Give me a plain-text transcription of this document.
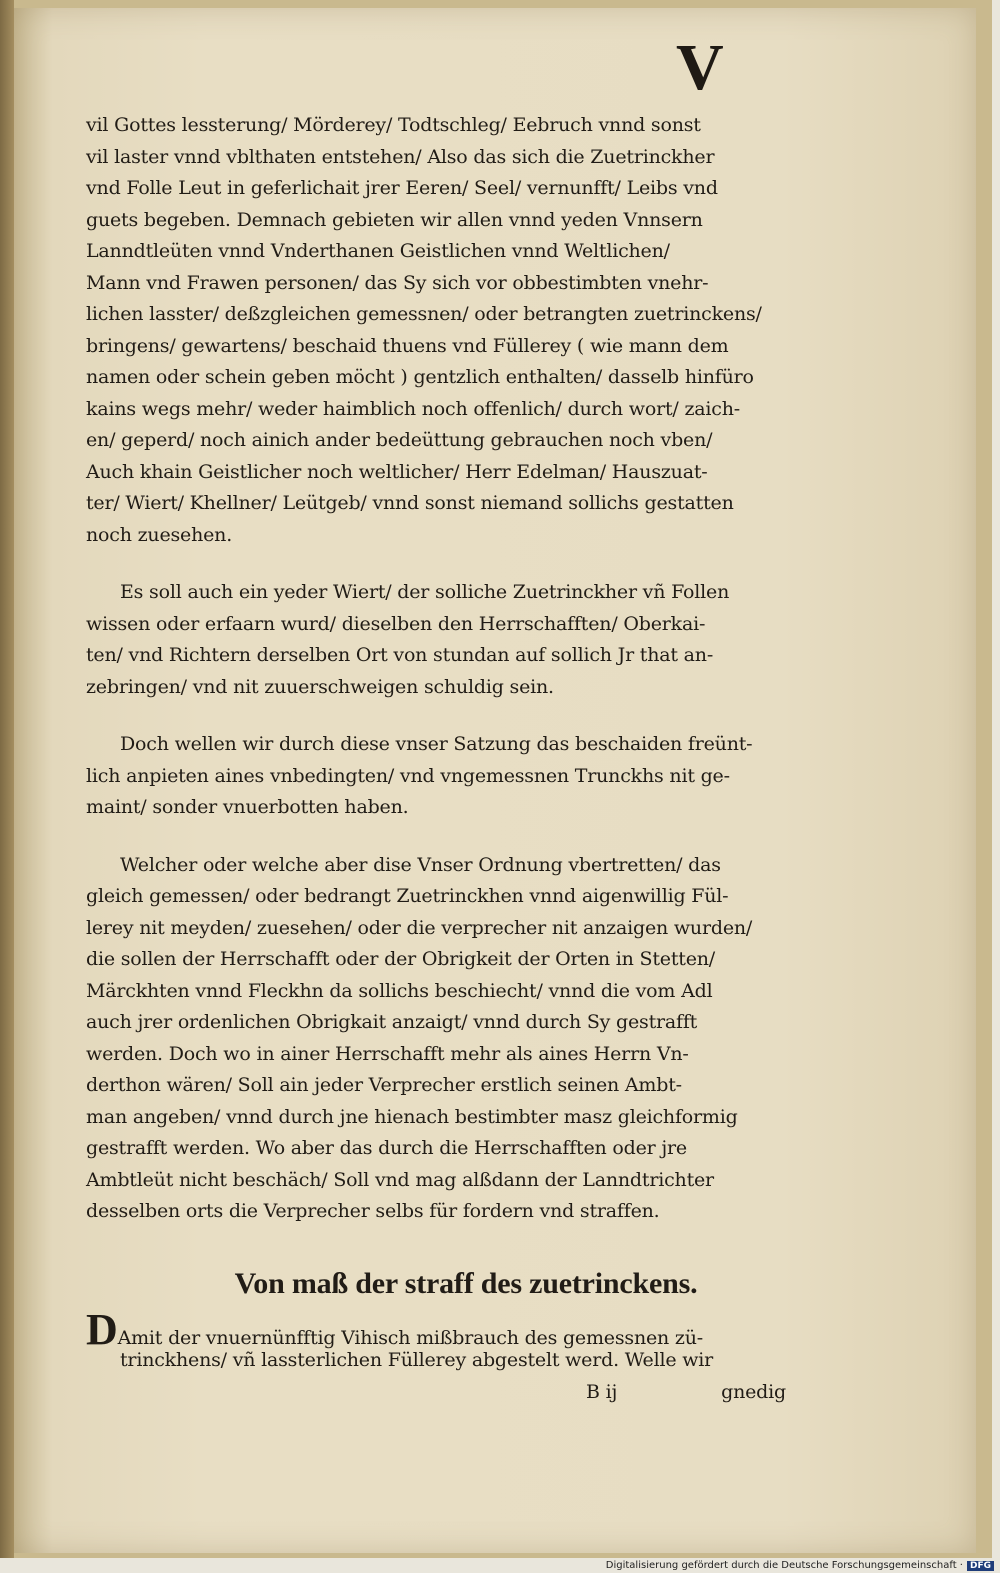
V
vil Gottes lessterung/ Mörderey/ Todtschleg/ Eebruch vnnd sonst
vil laster vnnd vblthaten entstehen/ Also das sich die Zuetrinckher
vnd Folle Leut in geferlichait jrer Eeren/ Seel/ vernunfft/ Leibs vnd
guets begeben. Demnach gebieten wir allen vnnd yeden Vnnsern
Lanndtleüten vnnd Vnderthanen Geistlichen vnnd Weltlichen/
Mann vnd Frawen personen/ das Sy sich vor obbestimbten vnehr-
lichen lasster/ deßzgleichen gemessnen/ oder betrangten zuetrinckens/
bringens/ gewartens/ beschaid thuens vnd Füllerey ( wie mann dem
namen oder schein geben möcht ) gentzlich enthalten/ dasselb hinfüro
kains wegs mehr/ weder haimblich noch offenlich/ durch wort/ zaich-
en/ geperd/ noch ainich ander bedeüttung gebrauchen noch vben/
Auch khain Geistlicher noch weltlicher/ Herr Edelman/ Hauszuat-
ter/ Wiert/ Khellner/ Leütgeb/ vnnd sonst niemand sollichs gestatten
noch zuesehen.
Es soll auch ein yeder Wiert/ der solliche Zuetrinckher vñ Follen
wissen oder erfaarn wurd/ dieselben den Herrschafften/ Oberkai-
ten/ vnd Richtern derselben Ort von stundan auf sollich Jr that an-
zebringen/ vnd nit zuuerschweigen schuldig sein.
Doch wellen wir durch diese vnser Satzung das beschaiden freünt-
lich anpieten aines vnbedingten/ vnd vngemessnen Trunckhs nit ge-
maint/ sonder vnuerbotten haben.
Welcher oder welche aber dise Vnser Ordnung vbertretten/ das
gleich gemessen/ oder bedrangt Zuetrinckhen vnnd aigenwillig Fül-
lerey nit meyden/ zuesehen/ oder die verprecher nit anzaigen wurden/
die sollen der Herrschafft oder der Obrigkeit der Orten in Stetten/
Märckhten vnnd Fleckhn da sollichs beschiecht/ vnnd die vom Adl
auch jrer ordenlichen Obrigkait anzaigt/ vnnd durch Sy gestrafft
werden. Doch wo in ainer Herrschafft mehr als aines Herrn Vn-
derthon wären/ Soll ain jeder Verprecher erstlich seinen Ambt-
man angeben/ vnnd durch jne hienach bestimbter masz gleichformig
gestrafft werden. Wo aber das durch die Herrschafften oder jre
Ambtleüt nicht beschäch/ Soll vnd mag alßdann der Lanndtrichter
desselben orts die Verprecher selbs für fordern vnd straffen.
Von maß der straff des zuetrinckens.
DAmit der vnuernünfftig Vihisch mißbrauch des gemessnen zü-
trinckhens/ vñ lassterlichen Füllerey abgestelt werd. Welle wir
B ij	gnedig
Digitalisierung gefördert durch die Deutsche Forschungsgemeinschaft · DFG
